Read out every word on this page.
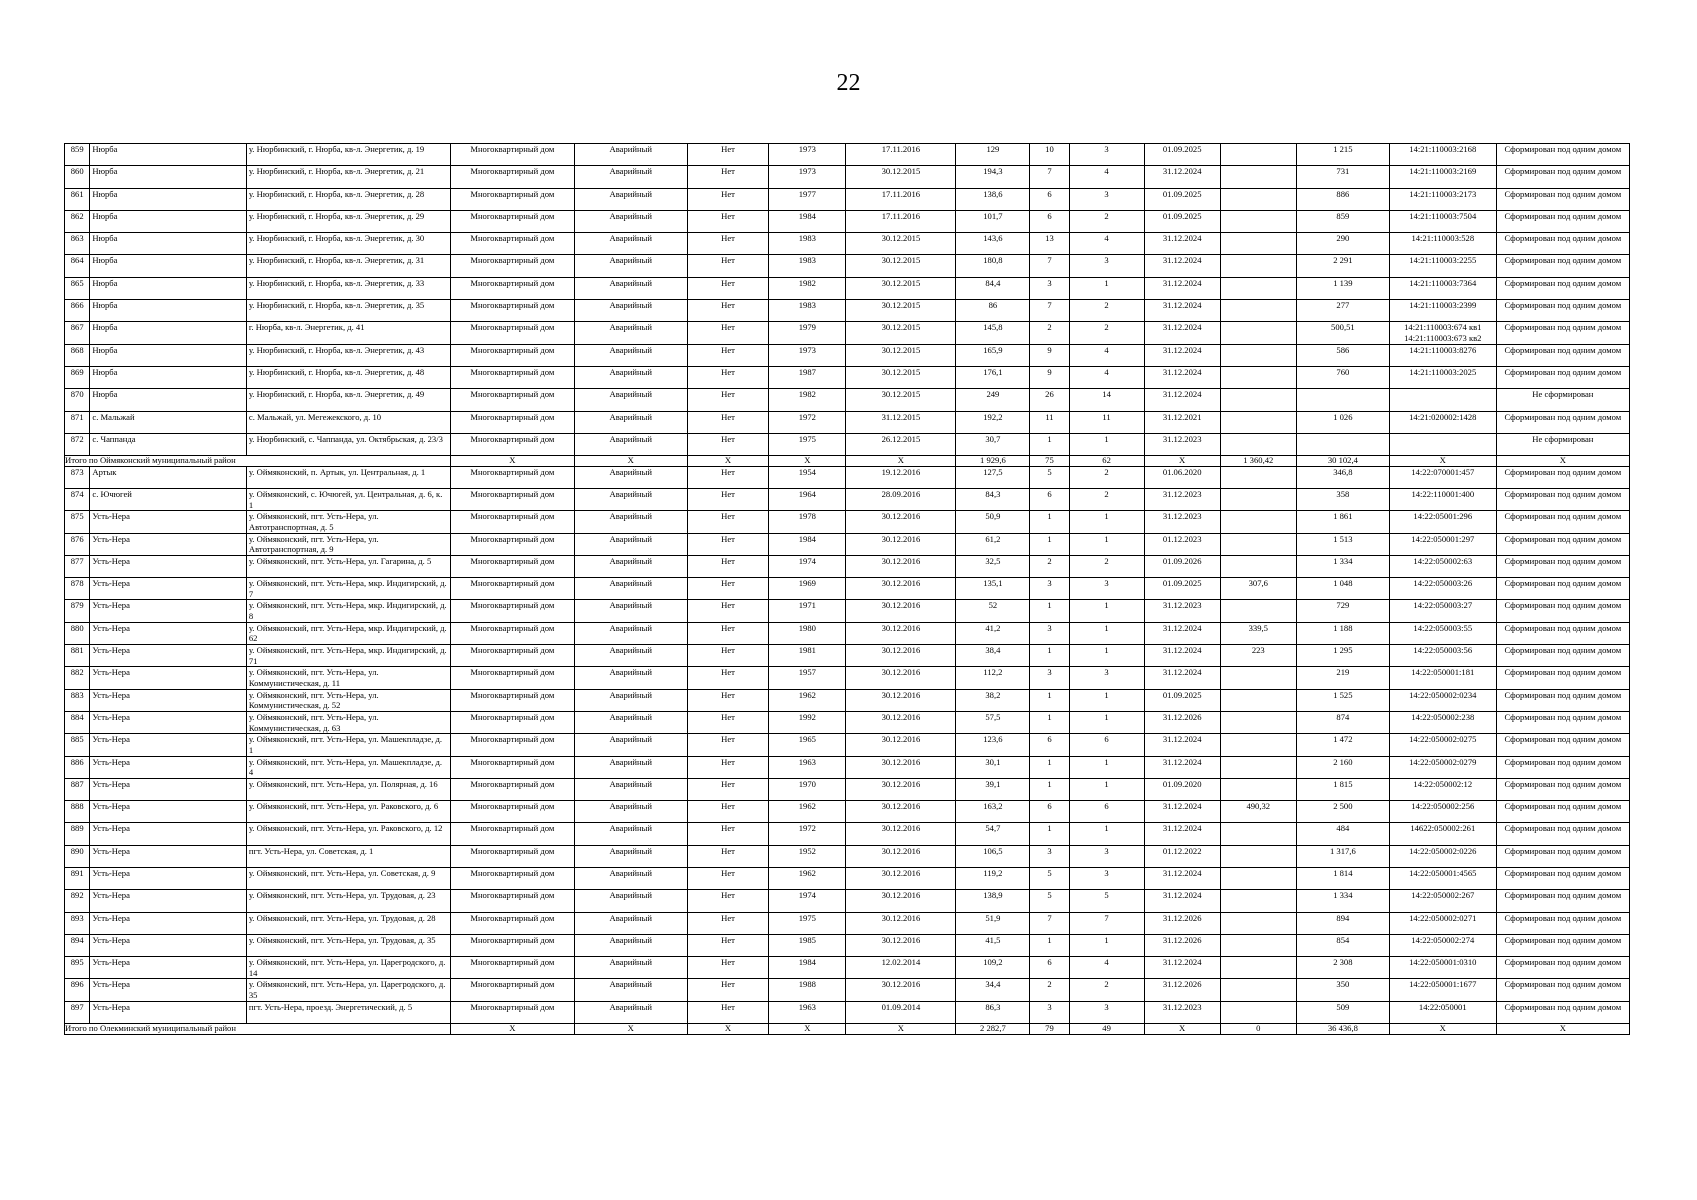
22
859	Нюрба	у. Нюрбинский, г. Нюрба, кв-л. Энергетик, д. 19	Многоквартирный дом	Аварийный	Нет	1973	17.11.2016	129	10	3	01.09.2025		1 215	14:21:110003:2168	Сформирован под одним домом
860	Нюрба	у. Нюрбинский, г. Нюрба, кв-л. Энергетик, д. 21	Многоквартирный дом	Аварийный	Нет	1973	30.12.2015	194,3	7	4	31.12.2024		731	14:21:110003:2169	Сформирован под одним домом
861	Нюрба	у. Нюрбинский, г. Нюрба, кв-л. Энергетик, д. 28	Многоквартирный дом	Аварийный	Нет	1977	17.11.2016	138,6	6	3	01.09.2025		886	14:21:110003:2173	Сформирован под одним домом
862	Нюрба	у. Нюрбинский, г. Нюрба, кв-л. Энергетик, д. 29	Многоквартирный дом	Аварийный	Нет	1984	17.11.2016	101,7	6	2	01.09.2025		859	14:21:110003:7504	Сформирован под одним домом
863	Нюрба	у. Нюрбинский, г. Нюрба, кв-л. Энергетик, д. 30	Многоквартирный дом	Аварийный	Нет	1983	30.12.2015	143,6	13	4	31.12.2024		290	14:21:110003:528	Сформирован под одним домом
864	Нюрба	у. Нюрбинский, г. Нюрба, кв-л. Энергетик, д. 31	Многоквартирный дом	Аварийный	Нет	1983	30.12.2015	180,8	7	3	31.12.2024		2 291	14:21:110003:2255	Сформирован под одним домом
865	Нюрба	у. Нюрбинский, г. Нюрба, кв-л. Энергетик, д. 33	Многоквартирный дом	Аварийный	Нет	1982	30.12.2015	84,4	3	1	31.12.2024		1 139	14:21:110003:7364	Сформирован под одним домом
866	Нюрба	у. Нюрбинский, г. Нюрба, кв-л. Энергетик, д. 35	Многоквартирный дом	Аварийный	Нет	1983	30.12.2015	86	7	2	31.12.2024		277	14:21:110003:2399	Сформирован под одним домом
867	Нюрба	г. Нюрба, кв-л. Энергетик, д. 41	Многоквартирный дом	Аварийный	Нет	1979	30.12.2015	145,8	2	2	31.12.2024		500,51	14:21:110003:674 кв1 14:21:110003:673 кв2	Сформирован под одним домом
868	Нюрба	у. Нюрбинский, г. Нюрба, кв-л. Энергетик, д. 43	Многоквартирный дом	Аварийный	Нет	1973	30.12.2015	165,9	9	4	31.12.2024		586	14:21:110003:8276	Сформирован под одним домом
869	Нюрба	у. Нюрбинский, г. Нюрба, кв-л. Энергетик, д. 48	Многоквартирный дом	Аварийный	Нет	1987	30.12.2015	176,1	9	4	31.12.2024		760	14:21:110003:2025	Сформирован под одним домом
870	Нюрба	у. Нюрбинский, г. Нюрба, кв-л. Энергетик, д. 49	Многоквартирный дом	Аварийный	Нет	1982	30.12.2015	249	26	14	31.12.2024				Не сформирован
871	с. Мальжай	с. Мальжай, ул. Мегежекского, д. 10	Многоквартирный дом	Аварийный	Нет	1972	31.12.2015	192,2	11	11	31.12.2021		1 026	14:21:020002:1428	Сформирован под одним домом
872	с. Чаппанда	у. Нюрбинский, с. Чаппанда, ул. Октябрьская, д. 23/3	Многоквартирный дом	Аварийный	Нет	1975	26.12.2015	30,7	1	1	31.12.2023				Не сформирован
Итого по Оймяконский муниципальный район			X	X	X	X	X	1 929,6	75	62	X	1 360,42	30 102,4	X	X
873	Артык	у. Оймяконский, п. Артык, ул. Центральная, д. 1	Многоквартирный дом	Аварийный	Нет	1954	19.12.2016	127,5	5	2	01.06.2020		346,8	14:22:070001:457	Сформирован под одним домом
874	с. Ючюгей	у. Оймяконский, с. Ючюгей, ул. Центральная, д. 6, к. 1	Многоквартирный дом	Аварийный	Нет	1964	28.09.2016	84,3	6	2	31.12.2023		358	14:22:110001:400	Сформирован под одним домом
875	Усть-Нера	у. Оймяконский, пгт. Усть-Нера, ул. Автотранспортная, д. 5	Многоквартирный дом	Аварийный	Нет	1978	30.12.2016	50,9	1	1	31.12.2023		1 861	14:22:05001:296	Сформирован под одним домом
876	Усть-Нера	у. Оймяконский, пгт. Усть-Нера, ул. Автотранспортная, д. 9	Многоквартирный дом	Аварийный	Нет	1984	30.12.2016	61,2	1	1	01.12.2023		1 513	14:22:050001:297	Сформирован под одним домом
877	Усть-Нера	у. Оймяконский, пгт. Усть-Нера, ул. Гагарина, д. 5	Многоквартирный дом	Аварийный	Нет	1974	30.12.2016	32,5	2	2	01.09.2026		1 334	14:22:050002:63	Сформирован под одним домом
878	Усть-Нера	у. Оймяконский, пгт. Усть-Нера, мкр. Индигирский, д. 7	Многоквартирный дом	Аварийный	Нет	1969	30.12.2016	135,1	3	3	01.09.2025	307,6	1 048	14:22:050003:26	Сформирован под одним домом
879	Усть-Нера	у. Оймяконский, пгт. Усть-Нера, мкр. Индигирский, д. 8	Многоквартирный дом	Аварийный	Нет	1971	30.12.2016	52	1	1	31.12.2023		729	14:22:050003:27	Сформирован под одним домом
880	Усть-Нера	у. Оймяконский, пгт. Усть-Нера, мкр. Индигирский, д. 62	Многоквартирный дом	Аварийный	Нет	1980	30.12.2016	41,2	3	1	31.12.2024	339,5	1 188	14:22:050003:55	Сформирован под одним домом
881	Усть-Нера	у. Оймяконский, пгт. Усть-Нера, мкр. Индигирский, д. 71	Многоквартирный дом	Аварийный	Нет	1981	30.12.2016	38,4	1	1	31.12.2024	223	1 295	14:22:050003:56	Сформирован под одним домом
882	Усть-Нера	у. Оймяконский, пгт. Усть-Нера, ул. Коммунистическая, д. 11	Многоквартирный дом	Аварийный	Нет	1957	30.12.2016	112,2	3	3	31.12.2024		219	14:22:050001:181	Сформирован под одним домом
883	Усть-Нера	у. Оймяконский, пгт. Усть-Нера, ул. Коммунистическая, д. 52	Многоквартирный дом	Аварийный	Нет	1962	30.12.2016	38,2	1	1	01.09.2025		1 525	14:22:050002:0234	Сформирован под одним домом
884	Усть-Нера	у. Оймяконский, пгт. Усть-Нера, ул. Коммунистическая, д. 63	Многоквартирный дом	Аварийный	Нет	1992	30.12.2016	57,5	1	1	31.12.2026		874	14:22:050002:238	Сформирован под одним домом
885	Усть-Нера	у. Оймяконский, пгт. Усть-Нера, ул. Машекпладзе, д. 1	Многоквартирный дом	Аварийный	Нет	1965	30.12.2016	123,6	6	6	31.12.2024		1 472	14:22:050002:0275	Сформирован под одним домом
886	Усть-Нера	у. Оймяконский, пгт. Усть-Нера, ул. Машекпладзе, д. 4	Многоквартирный дом	Аварийный	Нет	1963	30.12.2016	30,1	1	1	31.12.2024		2 160	14:22:050002:0279	Сформирован под одним домом
887	Усть-Нера	у. Оймяконский, пгт. Усть-Нера, ул. Полярная, д. 16	Многоквартирный дом	Аварийный	Нет	1970	30.12.2016	39,1	1	1	01.09.2020		1 815	14:22:050002:12	Сформирован под одним домом
888	Усть-Нера	у. Оймяконский, пгт. Усть-Нера, ул. Раковского, д. 6	Многоквартирный дом	Аварийный	Нет	1962	30.12.2016	163,2	6	6	31.12.2024	490,32	2 500	14:22:050002:256	Сформирован под одним домом
889	Усть-Нера	у. Оймяконский, пгт. Усть-Нера, ул. Раковского, д. 12	Многоквартирный дом	Аварийный	Нет	1972	30.12.2016	54,7	1	1	31.12.2024		484	14622:050002:261	Сформирован под одним домом
890	Усть-Нера	пгт. Усть-Нера, ул. Советская, д. 1	Многоквартирный дом	Аварийный	Нет	1952	30.12.2016	106,5	3	3	01.12.2022		1 317,6	14:22:050002:0226	Сформирован под одним домом
891	Усть-Нера	у. Оймяконский, пгт. Усть-Нера, ул. Советская, д. 9	Многоквартирный дом	Аварийный	Нет	1962	30.12.2016	119,2	5	3	31.12.2024		1 814	14:22:050001:4565	Сформирован под одним домом
892	Усть-Нера	у. Оймяконский, пгт. Усть-Нера, ул. Трудовая, д. 23	Многоквартирный дом	Аварийный	Нет	1974	30.12.2016	138,9	5	5	31.12.2024		1 334	14:22:050002:267	Сформирован под одним домом
893	Усть-Нера	у. Оймяконский, пгт. Усть-Нера, ул. Трудовая, д. 28	Многоквартирный дом	Аварийный	Нет	1975	30.12.2016	51,9	7	7	31.12.2026		894	14:22:050002:0271	Сформирован под одним домом
894	Усть-Нера	у. Оймяконский, пгт. Усть-Нера, ул. Трудовая, д. 35	Многоквартирный дом	Аварийный	Нет	1985	30.12.2016	41,5	1	1	31.12.2026		854	14:22:050002:274	Сформирован под одним домом
895	Усть-Нера	у. Оймяконский, пгт. Усть-Нера, ул. Царегродского, д. 14	Многоквартирный дом	Аварийный	Нет	1984	12.02.2014	109,2	6	4	31.12.2024		2 308	14:22:050001:0310	Сформирован под одним домом
896	Усть-Нера	у. Оймяконский, пгт. Усть-Нера, ул. Царегродского, д. 35	Многоквартирный дом	Аварийный	Нет	1988	30.12.2016	34,4	2	2	31.12.2026		350	14:22:050001:1677	Сформирован под одним домом
897	Усть-Нера	пгт. Усть-Нера, проезд. Энергетический, д. 5	Многоквартирный дом	Аварийный	Нет	1963	01.09.2014	86,3	3	3	31.12.2023		509	14:22:050001	Сформирован под одним домом
Итого по Олекминский муниципальный район			X	X	X	X	X	2 282,7	79	49	X	0	36 436,8	X	X
